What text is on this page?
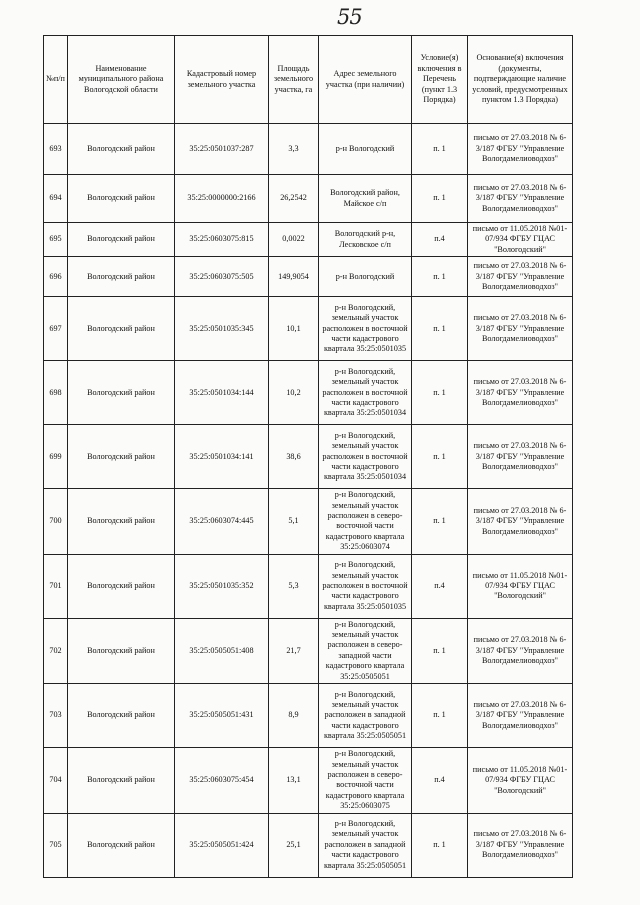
55
№п/п	Наименование муниципального района Вологодской области	Кадастровый номер земельного участка	Площадь земельного участка, га	Адрес земельного участка (при наличии)	Условие(я) включения в Перечень (пункт 1.3 Порядка)	Основание(я) включения (документы, подтверждающие наличие условий, предусмотренных пунктом 1.3 Порядка)
693	Вологодский район	35:25:0501037:287	3,3	р-н Вологодский	п. 1	письмо от 27.03.2018 № 6-3/187 ФГБУ "Управление Вологдамелиоводхоз"
694	Вологодский район	35:25:0000000:2166	26,2542	Вологодский район, Майское с/п	п. 1	письмо от 27.03.2018 № 6-3/187 ФГБУ "Управление Вологдамелиоводхоз"
695	Вологодский район	35:25:0603075:815	0,0022	Вологодский р-н, Лесковское с/п	п.4	письмо от 11.05.2018 №01-07/934 ФГБУ ГЦАС "Вологодский"
696	Вологодский район	35:25:0603075:505	149,9054	р-н Вологодский	п. 1	письмо от 27.03.2018 № 6-3/187 ФГБУ "Управление Вологдамелиоводхоз"
697	Вологодский район	35:25:0501035:345	10,1	р-н Вологодский, земельный участок расположен в восточной части кадастрового квартала 35:25:0501035	п. 1	письмо от 27.03.2018 № 6-3/187 ФГБУ "Управление Вологдамелиоводхоз"
698	Вологодский район	35:25:0501034:144	10,2	р-н Вологодский, земельный участок расположен в восточной части кадастрового квартала 35:25:0501034	п. 1	письмо от 27.03.2018 № 6-3/187 ФГБУ "Управление Вологдамелиоводхоз"
699	Вологодский район	35:25:0501034:141	38,6	р-н Вологодский, земельный участок расположен в восточной части кадастрового квартала 35:25:0501034	п. 1	письмо от 27.03.2018 № 6-3/187 ФГБУ "Управление Вологдамелиоводхоз"
700	Вологодский район	35:25:0603074:445	5,1	р-н Вологодский, земельный участок расположен в северо-восточной части кадастрового квартала 35:25:0603074	п. 1	письмо от 27.03.2018 № 6-3/187 ФГБУ "Управление Вологдамелиоводхоз"
701	Вологодский район	35:25:0501035:352	5,3	р-н Вологодский, земельный участок расположен в восточной части кадастрового квартала 35:25:0501035	п.4	письмо от 11.05.2018 №01-07/934 ФГБУ ГЦАС "Вологодский"
702	Вологодский район	35:25:0505051:408	21,7	р-н Вологодский, земельный участок расположен в северо-западной части кадастрового квартала 35:25:0505051	п. 1	письмо от 27.03.2018 № 6-3/187 ФГБУ "Управление Вологдамелиоводхоз"
703	Вологодский район	35:25:0505051:431	8,9	р-н Вологодский, земельный участок расположен в западной части кадастрового квартала 35:25:0505051	п. 1	письмо от 27.03.2018 № 6-3/187 ФГБУ "Управление Вологдамелиоводхоз"
704	Вологодский район	35:25:0603075:454	13,1	р-н Вологодский, земельный участок расположен в северо-восточной части кадастрового квартала 35:25:0603075	п.4	письмо от 11.05.2018 №01-07/934 ФГБУ ГЦАС "Вологодский"
705	Вологодский район	35:25:0505051:424	25,1	р-н Вологодский, земельный участок расположен в западной части кадастрового квартала 35:25:0505051	п. 1	письмо от 27.03.2018 № 6-3/187 ФГБУ "Управление Вологдамелиоводхоз"
